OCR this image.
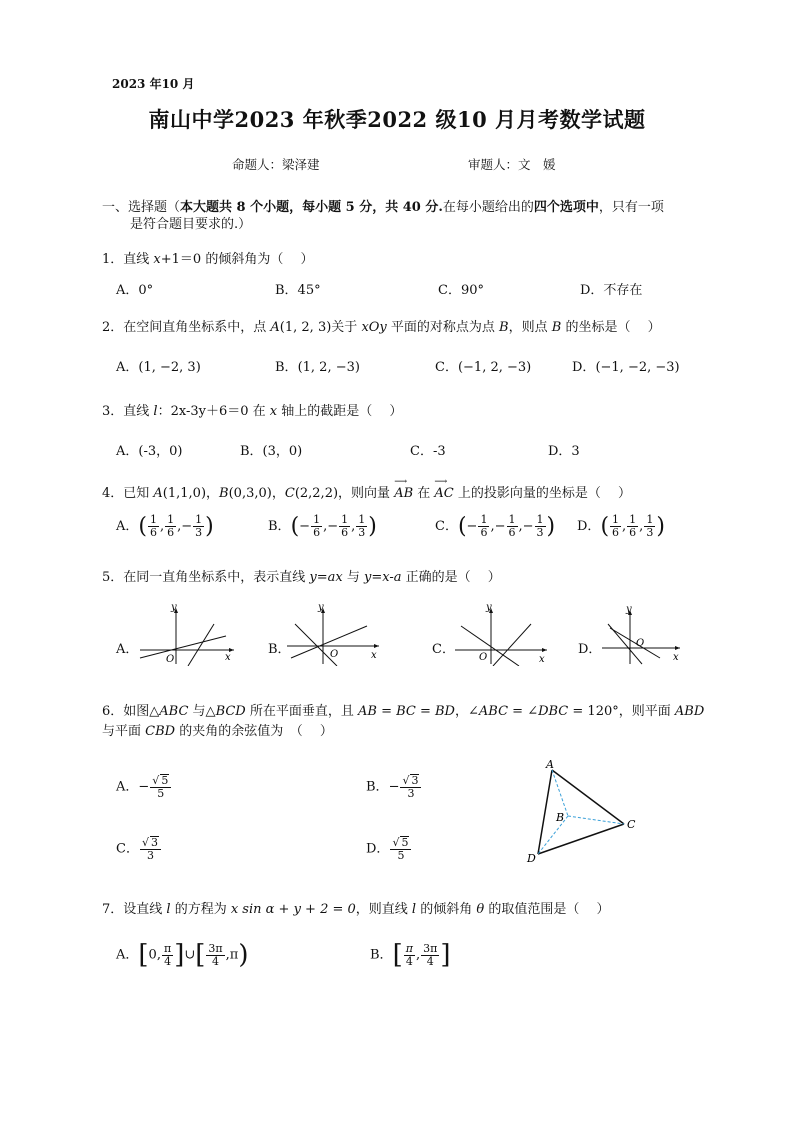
2023 年10 月
南山中学2023 年秋季2022 级10 月月考数学试题
命题人：梁泽建	审题人：文　媛
一、选择题（本大题共 8 个小题，每小题 5 分，共 40 分.在每小题给出的四个选项中，只有一项
是符合题目要求的.）
1．直线 x+1＝0 的倾斜角为（　 ）
A．0°	B．45°	C．90°	D．不存在
2．在空间直角坐标系中，点 A(1, 2, 3)关于 xOy 平面的对称点为点 B，则点 B 的坐标是（　 ）
A．(1, −2, 3)	B．(1, 2, −3)	C．(−1, 2, −3)	D．(−1, −2, −3)
3．直线 l：2x-3y＋6＝0 在 x 轴上的截距是（　 ）
A．(-3，0)	B．(3，0)	C．-3	D．3
4．已知 A(1,1,0)，B(0,3,0)，C(2,2,2)，则向量 ⟶ AB 在 ⟶ AC 上的投影向量的坐标是（　 ）
A．( $\frac{1}{6}$ , $\frac{1}{6}$ ,− $\frac{1}{3}$ )	B．(− $\frac{1}{6}$ ,− $\frac{1}{6}$ , $\frac{1}{3}$ )	C．(− $\frac{1}{6}$ ,− $\frac{1}{6}$ ,− $\frac{1}{3}$ ) D．( $\frac{1}{6}$ , $\frac{1}{6}$ , $\frac{1}{3}$ )
5．在同一直角坐标系中，表示直线 y=ax 与 y=x-a 正确的是（　 ）
A．
y
x
O
B．
y
x
O	C．
y
x
O
D．
y
x
O
6．如图△ABC 与△BCD 所在平面垂直，且 AB = BC = BD，∠ABC = ∠DBC = 120°，则平面 ABD
与平面 CBD 的夹角的余弦值为　（　 ）
A．− $\frac{√ 5}{5}$	B．− $\frac{√ 3}{3}$
C． $\frac{√ 3}{3}$	D． $\frac{√ 5}{5}$
A
B
C
D
7．设直线 l 的方程为 x sin α + y + 2 = 0，则直线 l 的倾斜角 θ 的取值范围是（　 ）
A．[0, $\frac{\pi}{4}$ ]∪[ $\frac{3\pi}{4} ,\pi$)	B．[ $\frac{\pi}{4}$ , $\frac{3\pi}{4}$ ]
